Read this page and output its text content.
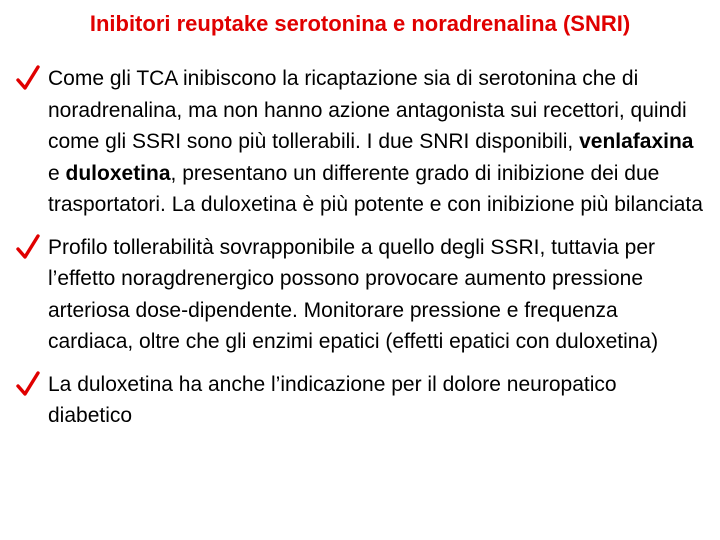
Inibitori reuptake serotonina e noradrenalina (SNRI)
Come gli TCA inibiscono la ricaptazione sia di serotonina che di noradrenalina, ma non hanno azione antagonista sui recettori, quindi come gli SSRI sono più tollerabili. I due SNRI disponibili, venlafaxina e duloxetina, presentano un differente grado di inibizione dei due trasportatori. La duloxetina è più potente e con inibizione più bilanciata
Profilo tollerabilità sovrapponibile a quello degli SSRI, tuttavia per l’effetto noragdrenergico possono provocare aumento pressione arteriosa dose-dipendente. Monitorare pressione e frequenza cardiaca, oltre che gli enzimi epatici (effetti epatici con duloxetina)
La duloxetina ha anche l’indicazione per il dolore neuropatico diabetico
